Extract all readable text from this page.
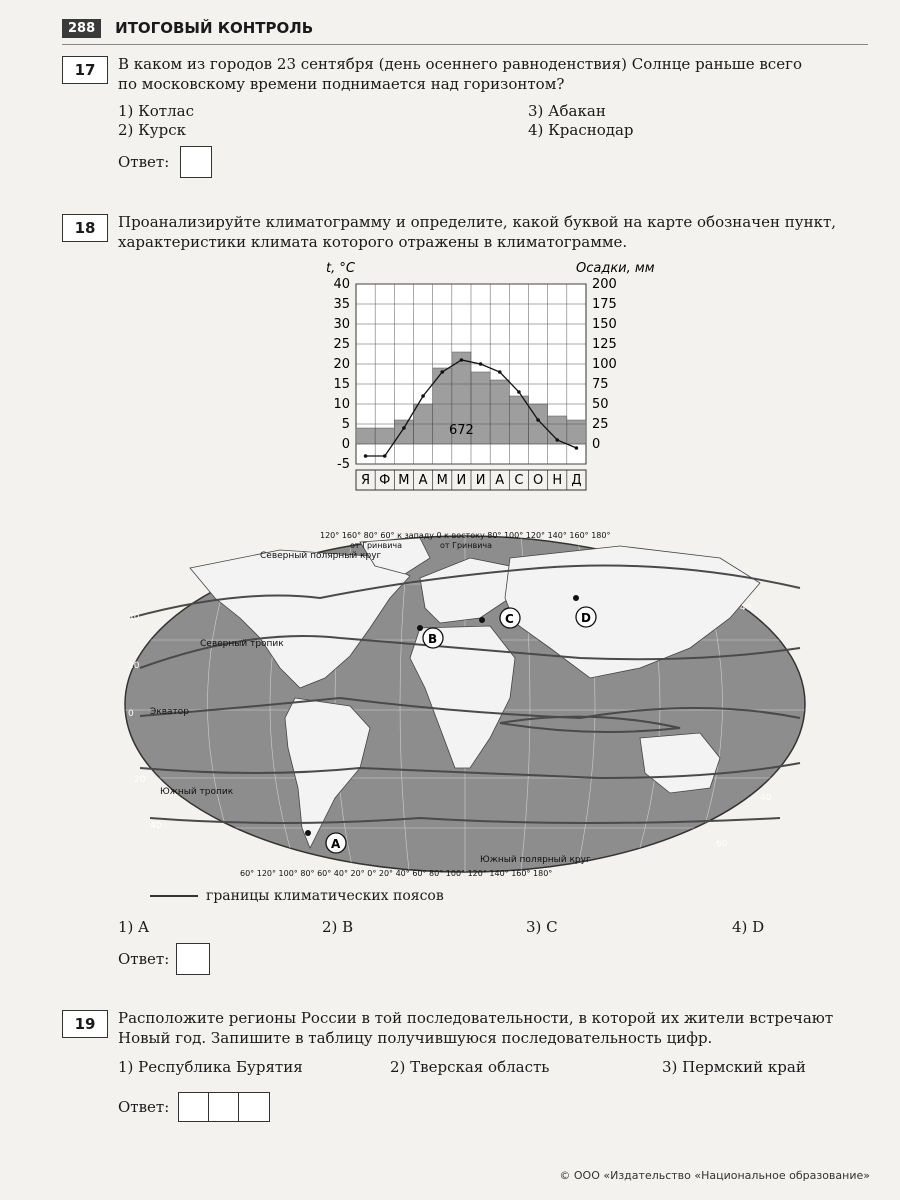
288	ИТОГОВЫЙ КОНТРОЛЬ
17	В каком из городов 23 сентября (день осеннего равноденствия) Солнце раньше всего
по московскому времени поднимается над горизонтом?
1) Котлас
2) Курск
3) Абакан
4) Краснодар
Ответ:
18	Проанализируйте климатограмму и определите, какой буквой на карте обозначен пункт,
характеристики климата которого отражены в климатограмме.
40
35
30
25
20
15
10
5
0
-5
200
175
150
125
100
75
50
25
0
Я Ф М А М И И А С О Н Д
t, °C	Осадки, мм
672
40
20
0
20
40
40
40
60
Северный полярный круг
Северный тропик
Экватор
Южный тропик
Южный полярный круг
120° 160° 80° 60° к западу 0 к востоку 80° 100° 120° 140° 160° 180°
от Гринвича	от Гринвича
60° 120° 100° 80° 60° 40° 20° 0° 20° 40° 60° 80° 100° 120° 140° 160° 180°
A
B
C	D
границы климатических поясов
1) A	2) B	3) C	4) D
Ответ:
19	Расположите регионы России в той последовательности, в которой их жители встречают
Новый год. Запишите в таблицу получившуюся последовательность цифр.
1) Республика Бурятия	2) Тверская область	3) Пермский край
Ответ:
© ООО «Издательство «Национальное образование»
